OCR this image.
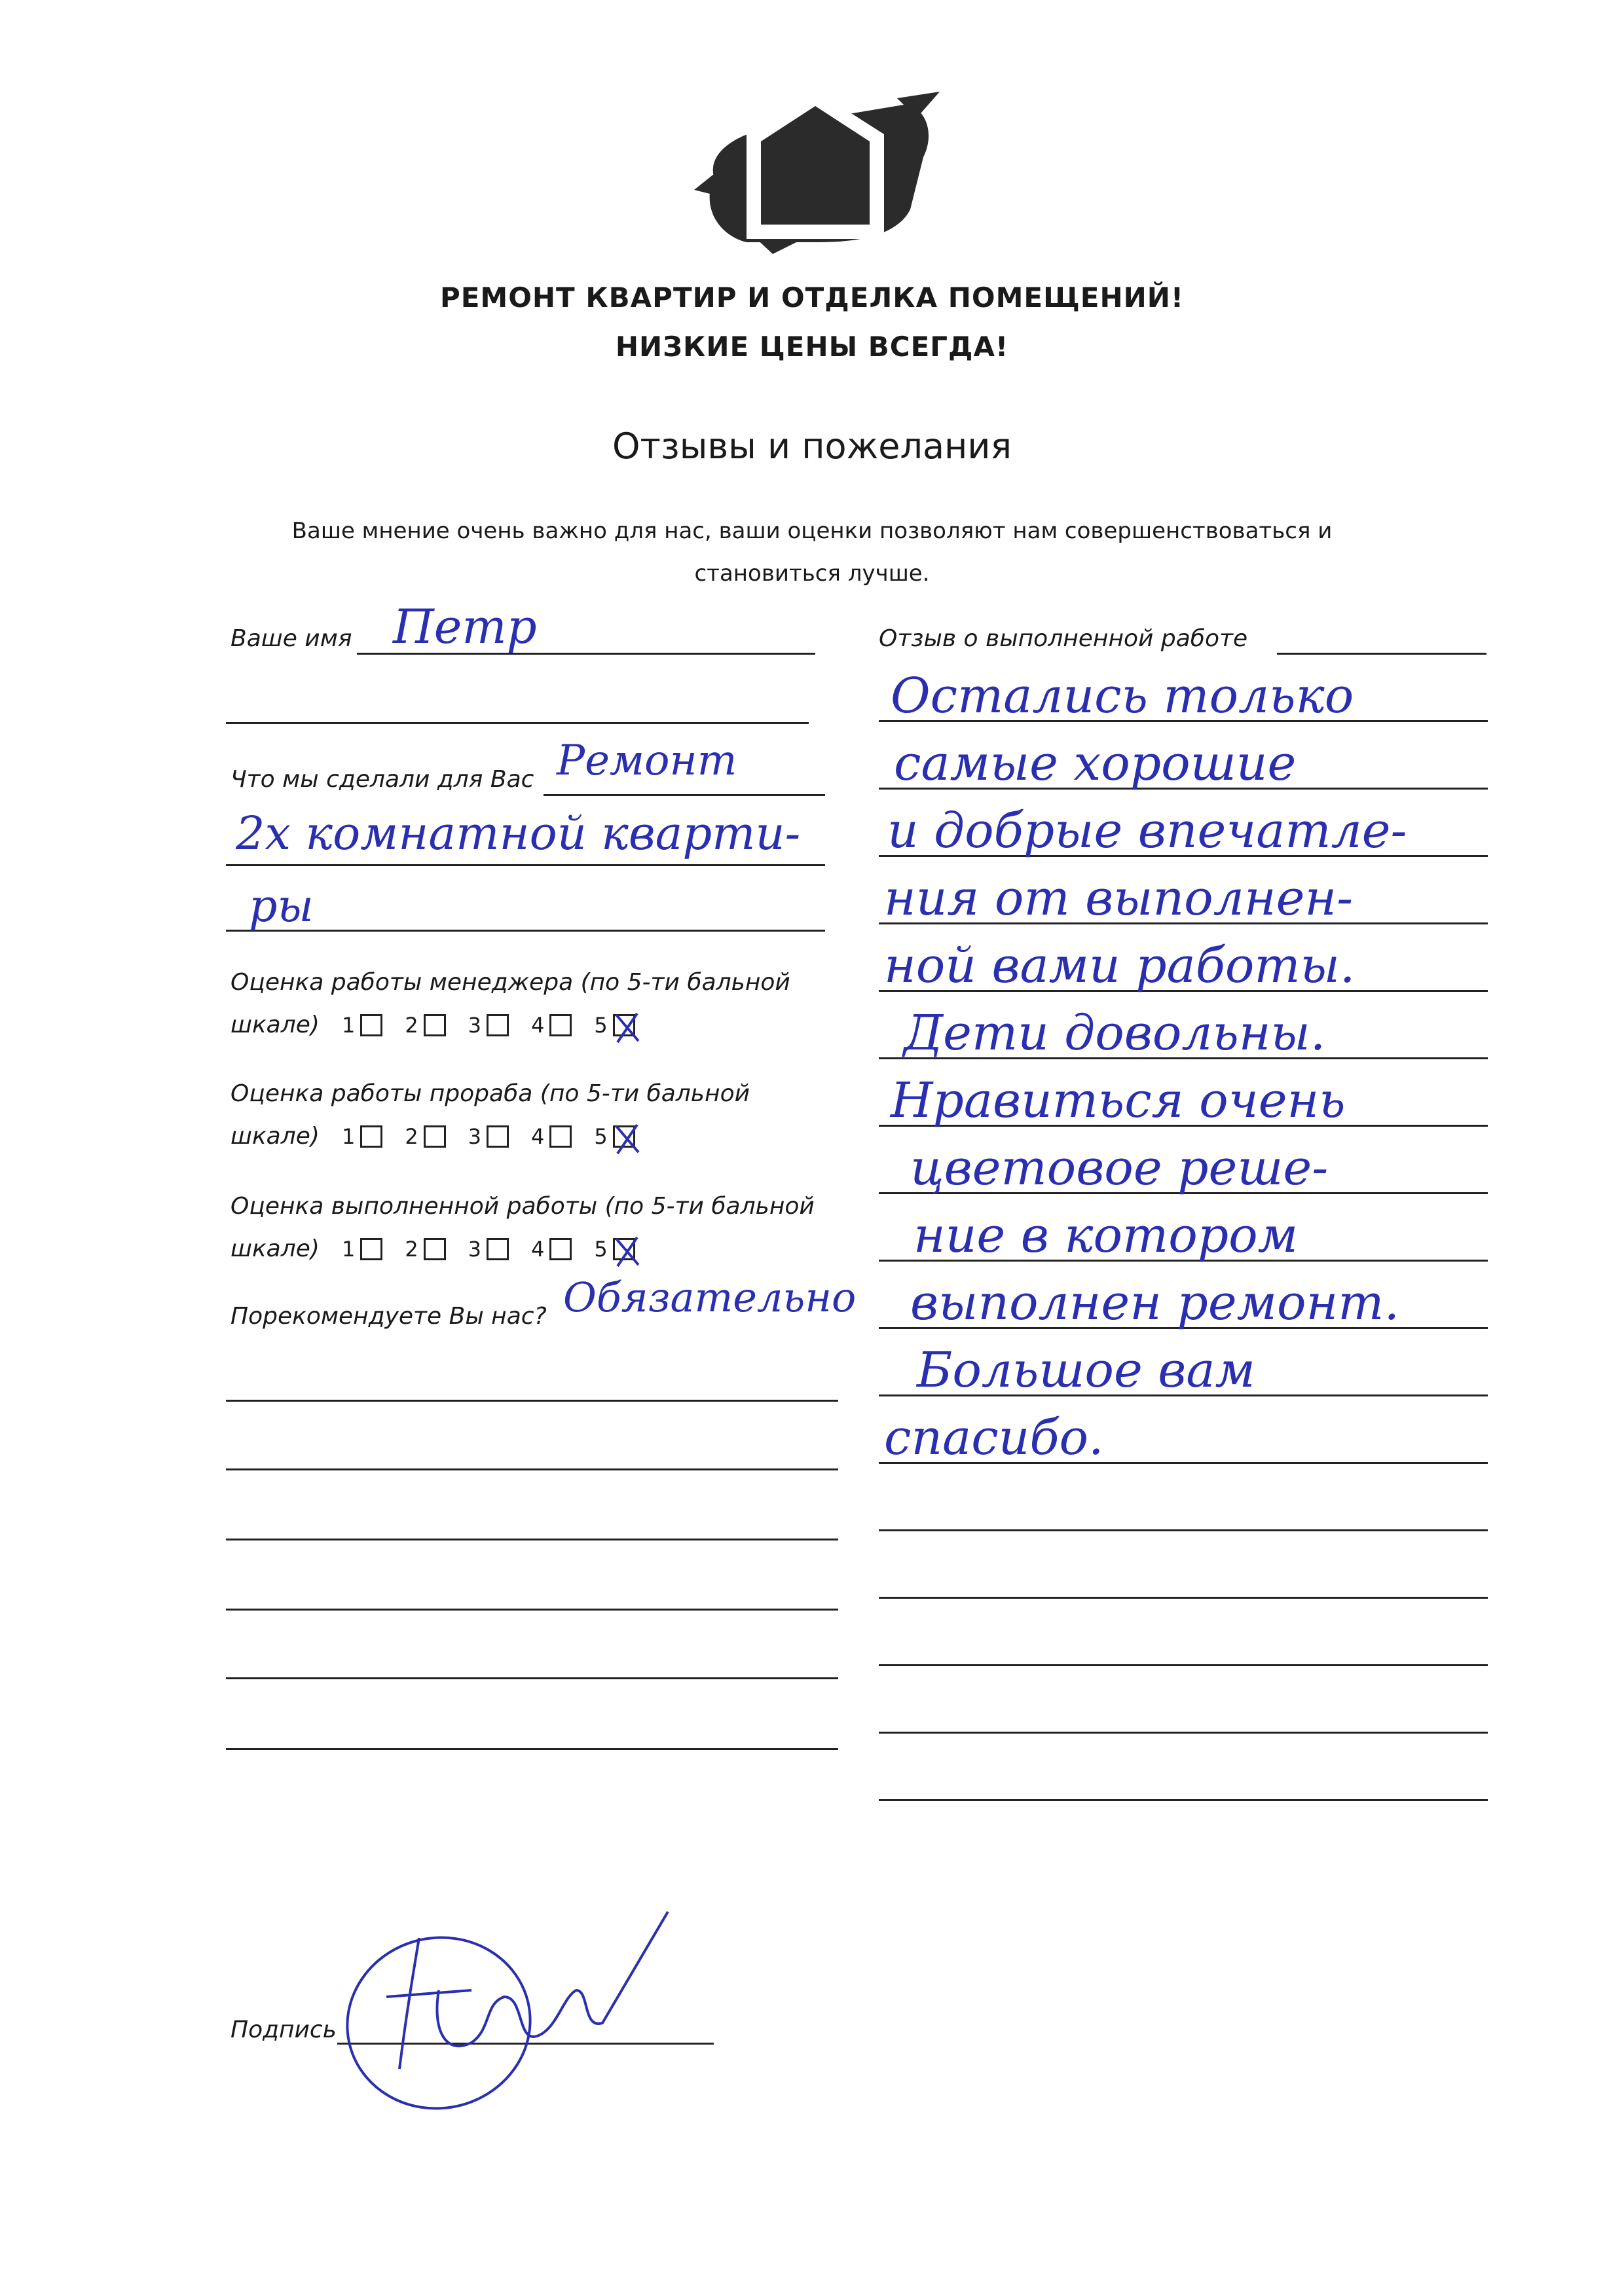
РЕМОНТ КВАРТИР И ОТДЕЛКА ПОМЕЩЕНИЙ!
НИЗКИЕ ЦЕНЫ ВСЕГДА!
Отзывы и пожелания
Ваше мнение очень важно для нас, ваши оценки позволяют нам совершенствоваться и
становиться лучше.
Ваше имя Петр
Что мы сделали для Вас Ремонт
2х комнатной кварти-
ры
Оценка работы менеджера (по 5-ти бальной
шкале) 1 2 3 4 5
Оценка работы прораба (по 5-ти бальной
шкале) 1 2 3 4 5
Оценка выполненной работы (по 5-ти бальной
шкале) 1 2 3 4 5
Порекомендуете Вы нас? Обязательно
Подпись
Отзыв о выполненной работе
Остались только
самые хорошие
и добрые впечатле-
ния от выполнен-
ной вами работы.
Дети довольны.
Нравиться очень
цветовое реше-
ние в котором
выполнен ремонт.
Большое вам
спасибо.
